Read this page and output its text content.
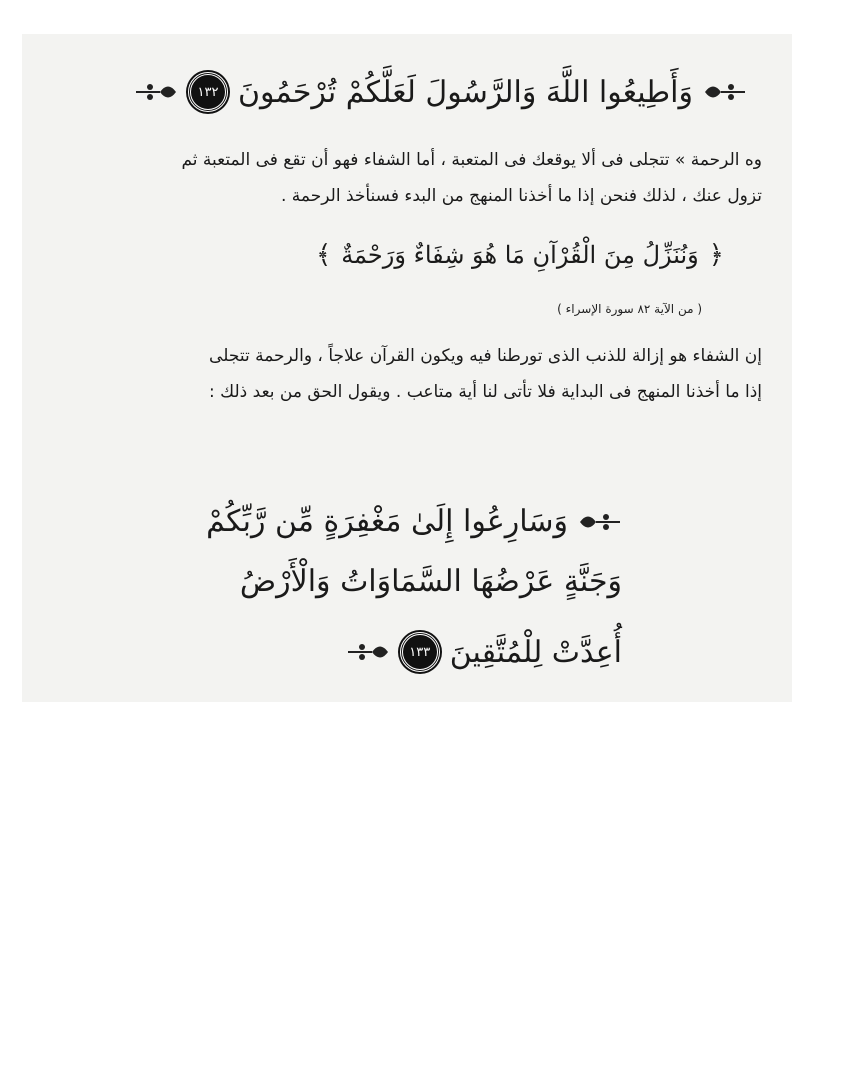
وَأَطِيعُوا اللَّهَ وَالرَّسُولَ لَعَلَّكُمْ تُرْحَمُونَ
١٣٢
وه الرحمة » تتجلى فى ألا يوقعك فى المتعبة ، أما الشفاء فهو أن تقع فى المتعبة ثم
تزول عنك ، لذلك فنحن إذا ما أخذنا المنهج من البدء فسنأخذ الرحمة .
﴿
وَنُنَزِّلُ مِنَ الْقُرْآنِ مَا هُوَ شِفَاءٌ وَرَحْمَةٌ
﴾
( من الآية ٨٢ سورة الإسراء )
إن الشفاء هو إزالة للذنب الذى تورطنا فيه ويكون القرآن علاجاً ، والرحمة تتجلى
إذا ما أخذنا المنهج فى البداية فلا تأتى لنا أية متاعب . ويقول الحق من بعد ذلك :
وَسَارِعُوا إِلَىٰ مَغْفِرَةٍ مِّن رَّبِّكُمْ
وَجَنَّةٍ عَرْضُهَا السَّمَاوَاتُ وَالْأَرْضُ
أُعِدَّتْ لِلْمُتَّقِينَ
١٣٣
